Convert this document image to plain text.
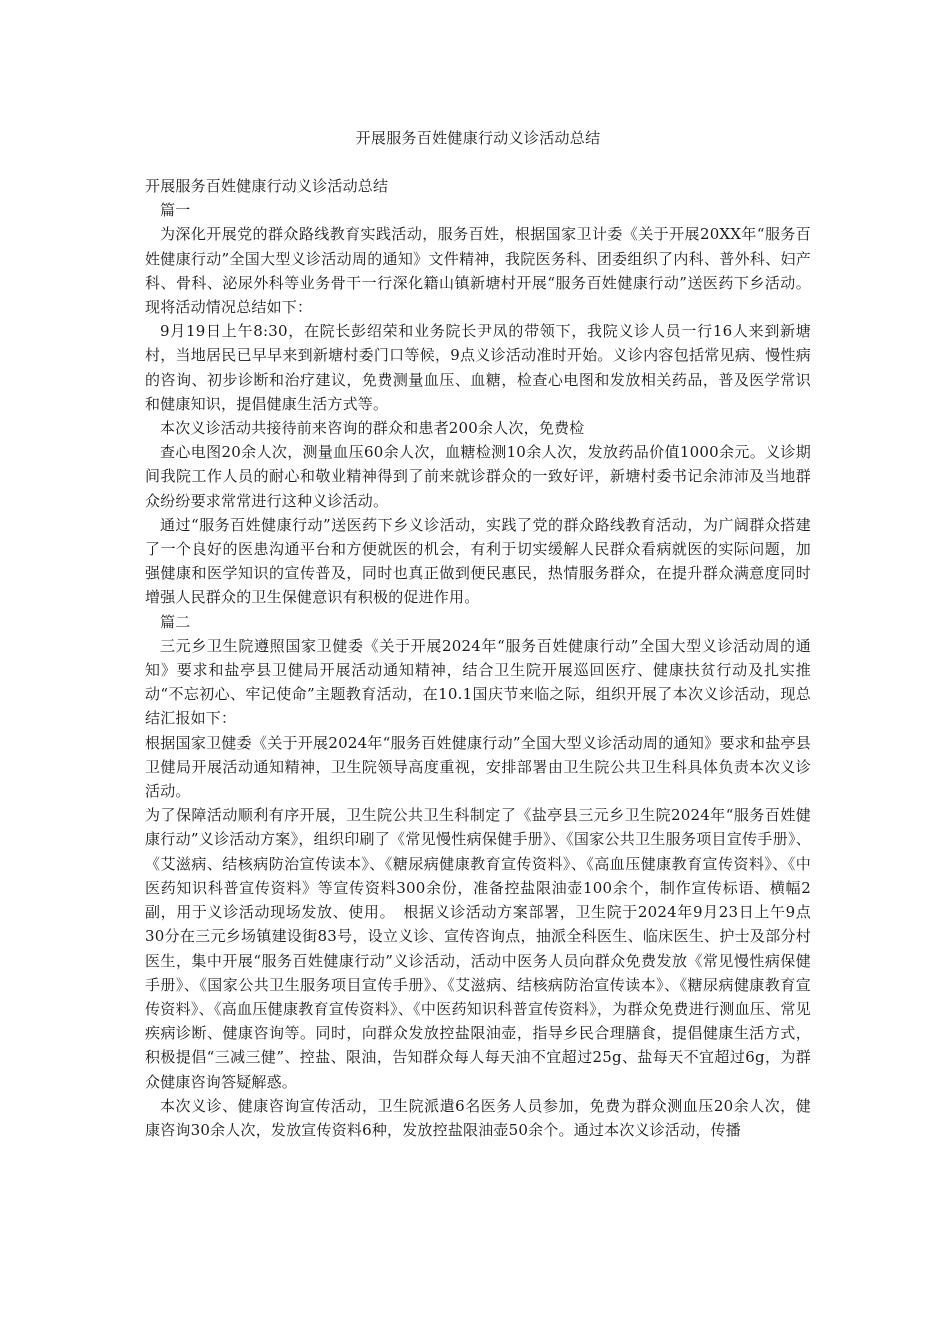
开展服务百姓健康行动义诊活动总结

开展服务百姓健康行动义诊活动总结

篇一

为深化开展党的群众路线教育实践活动，服务百姓，根据国家卫计委《关于开展20XX年“服务百姓健康行动”全国大型义诊活动周的通知》文件精神，我院医务科、团委组织了内科、普外科、妇产科、骨科、泌尿外科等业务骨干一行深化籍山镇新塘村开展“服务百姓健康行动”送医药下乡活动。现将活动情况总结如下：

9月19日上午8:30，在院长彭绍荣和业务院长尹凤的带领下，我院义诊人员一行16人来到新塘村，当地居民已早早来到新塘村委门口等候，9点义诊活动准时开始。义诊内容包括常见病、慢性病的咨询、初步诊断和治疗建议，免费测量血压、血糖，检查心电图和发放相关药品，普及医学常识和健康知识，提倡健康生活方式等。

本次义诊活动共接待前来咨询的群众和患者200余人次，免费检

查心电图20余人次，测量血压60余人次，血糖检测10余人次，发放药品价值1000余元。义诊期间我院工作人员的耐心和敬业精神得到了前来就诊群众的一致好评，新塘村委书记余沛沛及当地群众纷纷要求常常进行这种义诊活动。

通过“服务百姓健康行动”送医药下乡义诊活动，实践了党的群众路线教育活动，为广阔群众搭建了一个良好的医患沟通平台和方便就医的机会，有利于切实缓解人民群众看病就医的实际问题，加强健康和医学知识的宣传普及，同时也真正做到便民惠民，热情服务群众，在提升群众满意度同时增强人民群众的卫生保健意识有积极的促进作用。

篇二

三元乡卫生院遵照国家卫健委《关于开展2024年“服务百姓健康行动”全国大型义诊活动周的通知》要求和盐亭县卫健局开展活动通知精神，结合卫生院开展巡回医疗、健康扶贫行动及扎实推动“不忘初心、牢记使命”主题教育活动，在10.1国庆节来临之际，组织开展了本次义诊活动，现总结汇报如下：

根据国家卫健委《关于开展2024年“服务百姓健康行动”全国大型义诊活动周的通知》要求和盐亭县卫健局开展活动通知精神，卫生院领导高度重视，安排部署由卫生院公共卫生科具体负责本次义诊活动。

为了保障活动顺利有序开展，卫生院公共卫生科制定了《盐亭县三元乡卫生院2024年“服务百姓健康行动”义诊活动方案》，组织印刷了《常见慢性病保健手册》、《国家公共卫生服务项目宣传手册》、《艾滋病、结核病防治宣传读本》、《糖尿病健康教育宣传资料》、《高血压健康教育宣传资料》、《中医药知识科普宣传资料》等宣传资料300余份，准备控盐限油壶100余个，制作宣传标语、横幅2副，用于义诊活动现场发放、使用。　根据义诊活动方案部署，卫生院于2024年9月23日上午9点30分在三元乡场镇建设街83号，设立义诊、宣传咨询点，抽派全科医生、临床医生、护士及部分村医生，集中开展“服务百姓健康行动”义诊活动，活动中医务人员向群众免费发放《常见慢性病保健手册》、《国家公共卫生服务项目宣传手册》、《艾滋病、结核病防治宣传读本》、《糖尿病健康教育宣传资料》、《高血压健康教育宣传资料》、《中医药知识科普宣传资料》，为群众免费进行测血压、常见疾病诊断、健康咨询等。同时，向群众发放控盐限油壶，指导乡民合理膳食，提倡健康生活方式，积极提倡“三减三健”、控盐、限油，告知群众每人每天油不宜超过25g、盐每天不宜超过6g，为群众健康咨询答疑解惑。

本次义诊、健康咨询宣传活动，卫生院派遣6名医务人员参加，免费为群众测血压20余人次，健康咨询30余人次，发放宣传资料6种，发放控盐限油壶50余个。通过本次义诊活动，传播
